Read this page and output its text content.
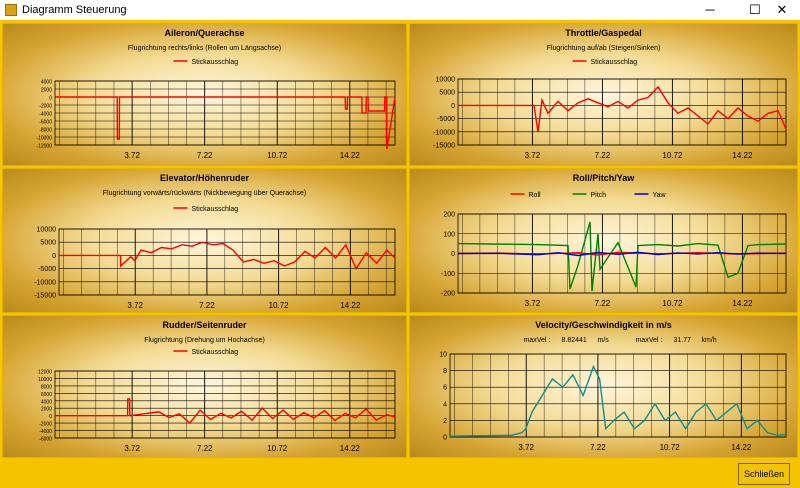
Diagramm Steuerung	─	☐	✕
Aileron/Querachse
Flugrichtung rechts/links (Rollen um Längsachse)
Stickausschlag
4000
2000
0
-2000
-4000
-6000
-8000
-10000
-12000
3.72	7.22	10.72	14.22
Throttle/Gaspedal
Flugrichtung auf/ab (Steigen/Sinken)
Stickausschlag
10000
5000
0
-5000
-10000
-15000
3.72	7.22	10.72	14.22
Elevator/Höhenruder
Flugrichtung vorwärts/rückwärts (Nickbewegung über Querachse)
Stickausschlag
10000
5000
0
-5000
-10000
-15000
3.72	7.22	10.72	14.22
Roll/Pitch/Yaw
Roll	Pitch	Yaw
200
100
0
-100
-200
3.72	7.22	10.72	14.22
Rudder/Seitenruder
Flugrichtung (Drehung um Hochachse)
Stickausschlag
12000
10000
8000
6000
4000
2000
0
-2000
-4000
-6000
3.72	7.22	10.72	14.22
Velocity/Geschwindigkeit in m/s
maxVel : 8.82441 m/s	maxVel : 31.77 km/h
10
8
6
4
2
0
3.72	7.22	10.72	14.22
Schließen
